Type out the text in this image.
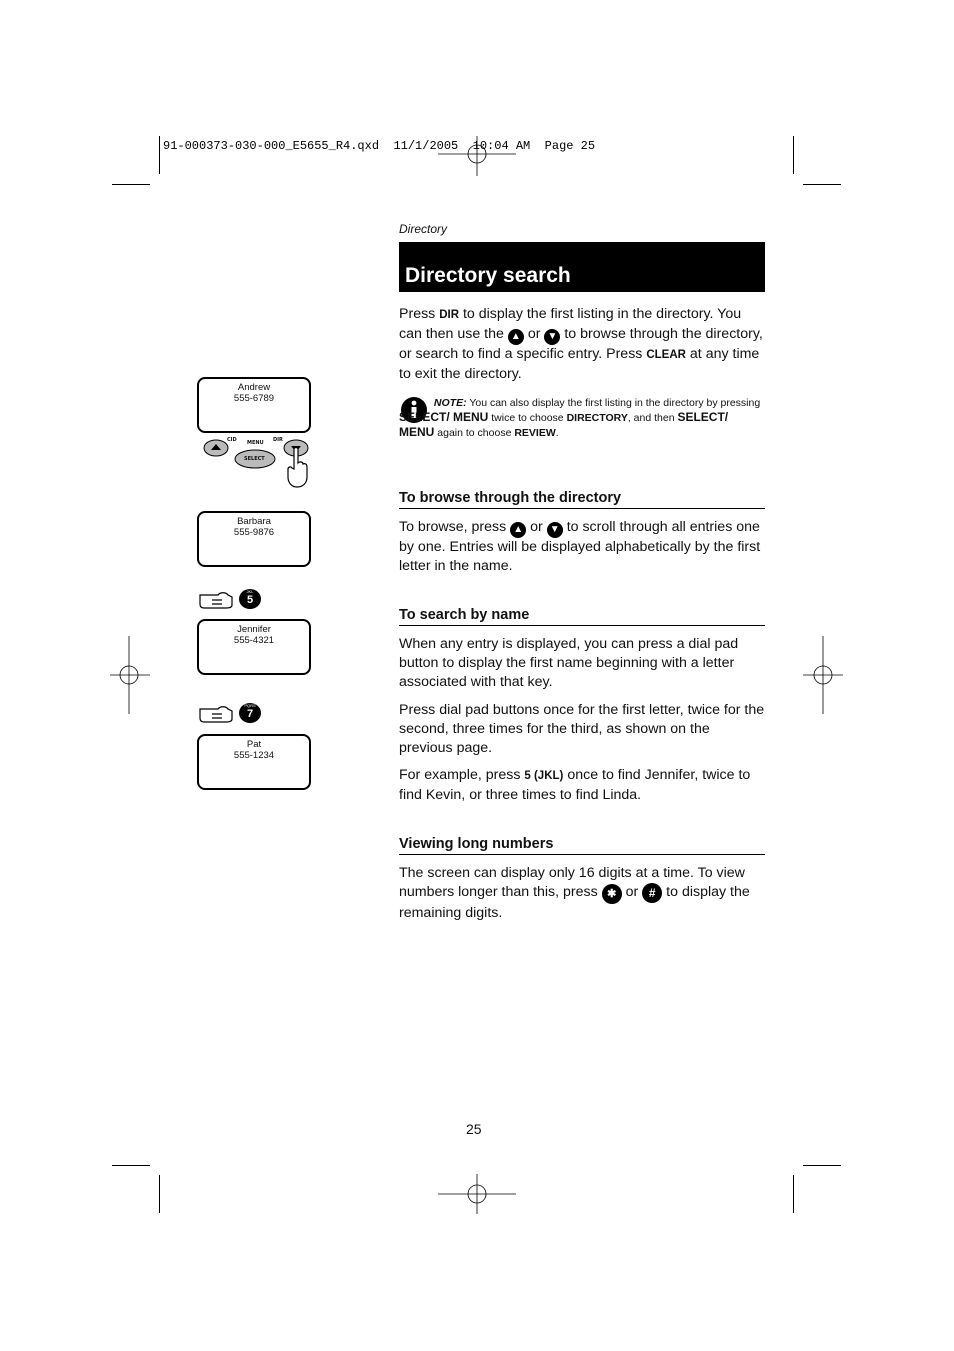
91-000373-030-000_E5655_R4.qxd  11/1/2005  10:04 AM  Page 25
Directory
Directory search

Press DIR to display the first listing in the directory. You can then use the ▲ or ▼ to browse through the directory, or search to find a specific entry. Press CLEAR at any time to exit the directory.

NOTE: You can also display the first listing in the directory by pressing SELECT/ MENU twice to choose DIRECTORY, and then SELECT/ MENU again to choose REVIEW.
To browse through the directory

To browse, press ▲ or ▼ to scroll through all entries one by one. Entries will be displayed alphabetically by the first letter in the name.

To search by name
When any entry is displayed, you can press a dial pad button to display the first name beginning with a letter associated with that key.
Press dial pad buttons once for the first letter, twice for the second, three times for the third, as shown on the previous page.

For example, press 5 (JKL) once to find Jennifer, twice to find Kevin, or three times to find Linda.

Viewing long numbers

The screen can display only 16 digits at a time. To view numbers longer than this, press ✱ or # to display the remaining digits.

Andrew
555-6789
CID MENU DIR
SELECT
Barbara
555-9876
JKL
5
Jennifer
555-4321
PQRS
7
Pat
555-1234
TONE
25
